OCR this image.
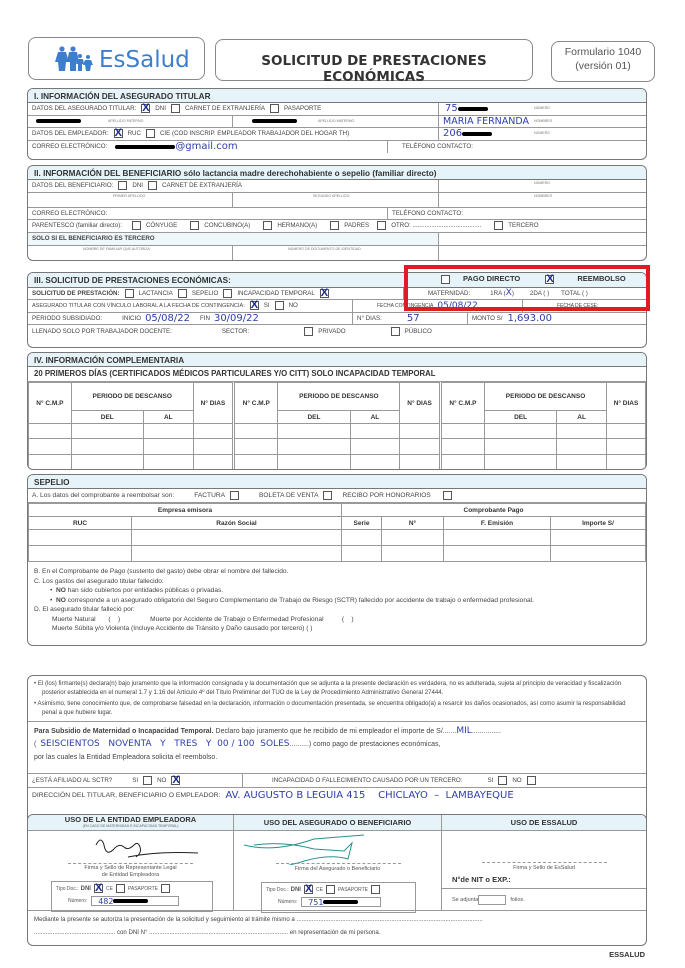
EsSalud	SOLICITUD DE PRESTACIONES ECONÓMICAS
Formulario 1040
(versión 01)
I. INFORMACIÓN DEL ASEGURADO TITULAR
DATOS DEL ASEGURADO TITULAR: X	DNI	CARNET DE EXTRANJERÍA	PASAPORTE	75	NÚMERO
APELLIDO PATERNO	APELLIDO MATERNO	MARIA FERNANDA NOMBRES
DATOS DEL EMPLEADOR: X	RUC	CIE (COD INSCRIP. EMPLEADOR TRABAJADOR DEL HOGAR TH)	206	NÚMERO
CORREO ELECTRÓNICO:	@gmail.com	TELÉFONO CONTACTO:
II. INFORMACIÓN DEL BENEFICIARIO sólo lactancia madre derechohabiente o sepelio (familiar directo)
DATOS DEL BENEFICIARIO:	DNI	CARNET DE EXTRANJERÍA	NÚMERO
PRIMER APELLIDO	SEGUNDO APELLIDO	NOMBRES
CORREO ELECTRÓNICO:	TELÉFONO CONTACTO:
PARENTESCO (familiar directo):	CÓNYUGE	CONCUBINO(A)	HERMANO(A)	PADRES	OTRO: ........................................	TERCERO
SOLO SI EL BENEFICIARIO ES TERCERO
NOMBRE DE FAMILIAR QUE AUTORIZA	NÚMERO DE DOCUMENTO DE IDENTIDAD
III. SOLICITUD DE PRESTACIONES ECONÓMICAS:	PAGO DIRECTO X	REEMBOLSO
SOLICITUD DE PRESTACIÓN:	LACTANCIA	SEPELIO	INCAPACIDAD TEMPORAL X	MATERNIDAD:	1RA ( X )	2DA ( ) TOTAL ( )
ASEGURADO TITULAR CON VÍNCULO LABORAL A LA FECHA DE CONTINGENCIA: X	SI	NO	FECHA CONTINGENCIA 05/08/22	FECHA DE CESE:
PERIODO SUBSIDIADO:	INICIO 05/08/22 FIN 30/09/22	N° DIAS:	57	MONTO S/ 1,693.00
LLENADO SOLO POR TRABAJADOR DOCENTE:	SECTOR:	PRIVADO	PÚBLICO
IV. INFORMACIÓN COMPLEMENTARIA
20 PRIMEROS DÍAS (CERTIFICADOS MÉDICOS PARTICULARES Y/O CITT) SOLO INCAPACIDAD TEMPORAL
N° C.M.P	PERIODO DE DESCANSO		N° DIAS	N° C.M.P	PERIODO DE DESCANSO		N° DIAS	N° C.M.P	PERIODO DE DESCANSO		N° DIAS
	DEL	AL			DEL	AL			DEL	AL	

SEPELIO
A. Los datos del comprobante a reembolsar son:	FACTURA	BOLETA DE VENTA	RECIBO POR HONORARIOS
Empresa emisora		Comprobante Pago			
RUC	Razón Social	Serie	N°	F. Emisión	Importe S/

B. En el Comprobante de Pago (sustento del gasto) debe obrar el nombre del fallecido.
C. Los gastos del asegurado titular fallecido:
•  NO han sido cubiertos por entidades públicas o privadas.
•  NO corresponde a un asegurado obligatorio del Seguro Complementario de Trabajo de Riesgo (SCTR) fallecido por accidente de trabajo o enfermedad profesional.
D. El asegurado titular falleció por:
Muerte Natural       (    )	Muerte por Accidente de Trabajo o Enfermedad Profesional          (    )
Muerte Súbita y/o Violenta (Incluye Accidente de Tránsito y Daño causado por tercero) ( )
• El (los) firmante(s) declara(n) bajo juramento que la información consignada y la documentación que se adjunta a la presente declaración es verdadera, no es adulterada, sujeta al principio de veracidad y fiscalización posterior establecida en el numeral 1.7 y 1.16 del Artículo 4º del Título Preliminar del TUO de la Ley de Procedimiento Administrativo General 27444.
• Asimismo, tiene conocimiento que, de comprobarse falsedad en la declaración, información o documentación presentada, se encuentra obligado(a) a resarcir los daños ocasionados, así como asumir la responsabilidad penal a que hubiere lugar.
Para Subsidio de Maternidad o Incapacidad Temporal. Declaro bajo juramento que he recibido de mi empleador el importe de S/.......MIL...............
( SEISCIENTOS   NOVENTA   Y   TRES   Y  00 / 100  SOLES..........) como pago de prestaciones económicas,
por las cuales la Entidad Empleadora solicita el reembolso.
¿ESTÁ AFILIADO AL SCTR?	SI	NO X	INCAPACIDAD O FALLECIMIENTO CAUSADO POR UN TERCERO:	SI	NO
DIRECCIÓN DEL TITULAR, BENEFICIARIO O EMPLEADOR: AV. AUGUSTO B LEGUIA 415    CHICLAYO  –  LAMBAYEQUE
USO DE LA ENTIDAD EMPLEADORA
(EN CASO DE MATERNIDAD E INCAPACIDAD TEMPORAL)
Firma y Sello de Representante Legal
de Entidad Empleadora
Tipo Doc.: DNI X	CE	PASAPORTE
Número: 482
USO DEL ASEGURADO O BENEFICIARIO
Firma del Asegurado o Beneficiario
Tipo Doc.: DNI X	CE	PASAPORTE
Número: 751
USO DE ESSALUD
Firma y Sello de EsSalud
N°de NIT o EXP.:
Se adjunta	folios.
Mediante la presente se autoriza la presentación de la solicitud y seguimiento al trámite mismo a ..............................................................................................................
................................................ con DNI N° .................................................................................. en representación de mi persona.
ESSALUD
